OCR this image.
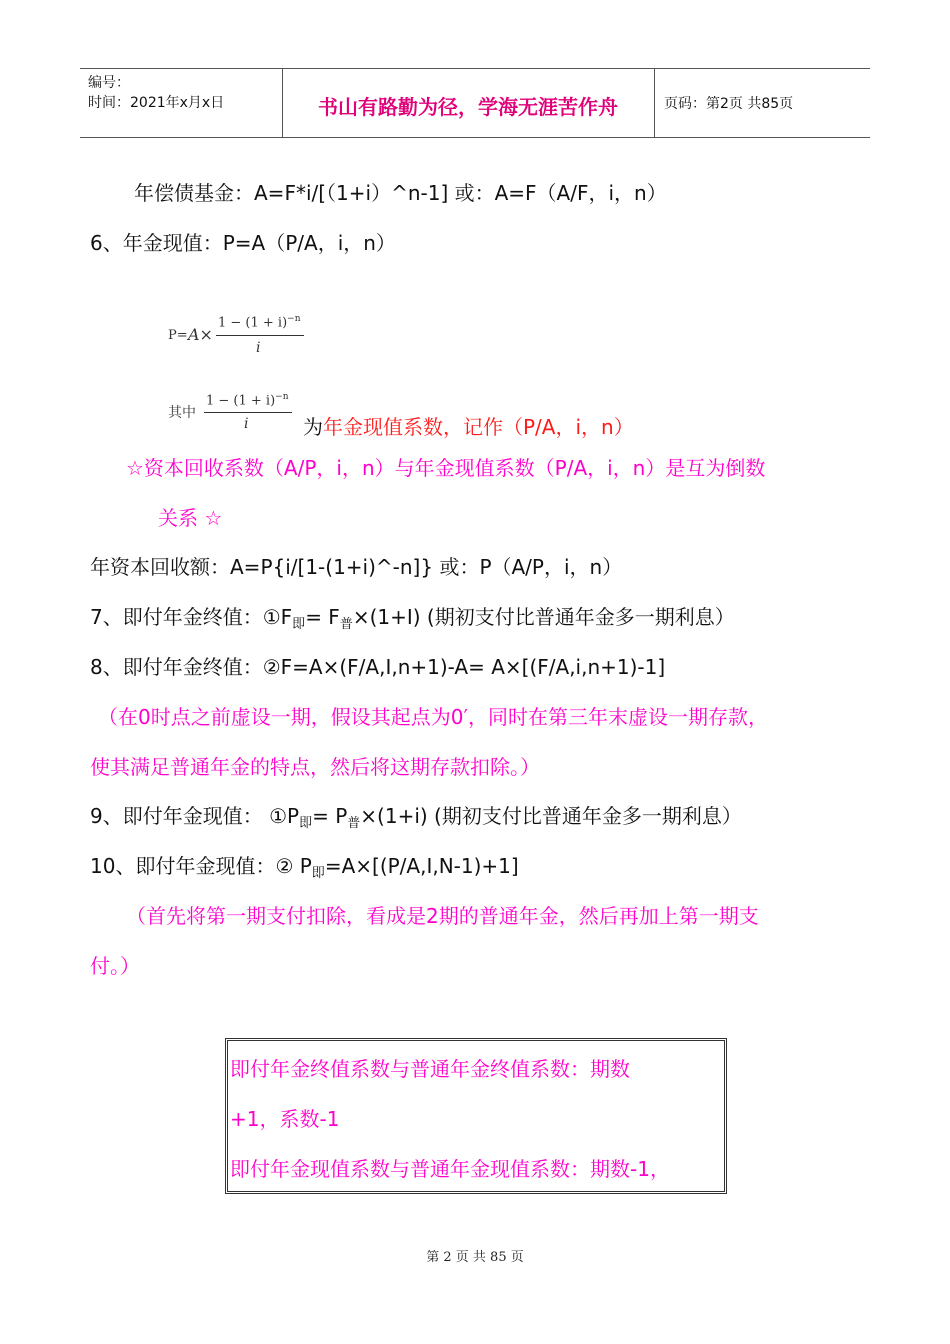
编号：
时间：2021年x月x日	书山有路勤为径，学海无涯苦作舟	页码：第2页 共85页
年偿债基金：A=F*i/[（1+i）^n-1] 或：A=F（A/F，i，n）
6、年金现值：P=A（P/A，i，n）
P= A×
$1 - (1 + i)^{-n}$
i
其中
$1 - (1 + i)^{-n}$
i	为年金现值系数，记作（P/A，i，n）
☆资本回收系数（A/P，i，n）与年金现值系数（P/A，i，n）是互为倒数
关系 ☆
年资本回收额：A=P{i/[1-(1+i)^-n]} 或：P（A/P，i，n）
7、即付年金终值：$①F_即= F_普\times(1+I)$ (期初支付比普通年金多一期利息）
8、即付年金终值：②F=A×(F/A,I,n+1)-A= A×[(F/A,i,n+1)-1]
（在0时点之前虚设一期，假设其起点为0′，同时在第三年末虚设一期存款，
使其满足普通年金的特点，然后将这期存款扣除。）
9、即付年金现值： $①P_即= P_普\times(1+i)$ (期初支付比普通年金多一期利息）
10、即付年金现值：② $P_即=A\times[(P/A,I,N-1)+1]$
（首先将第一期支付扣除，看成是2期的普通年金，然后再加上第一期支
付。）
即付年金终值系数与普通年金终值系数：期数
+1，系数-1
即付年金现值系数与普通年金现值系数：期数-1，
第 2 页 共 85 页
